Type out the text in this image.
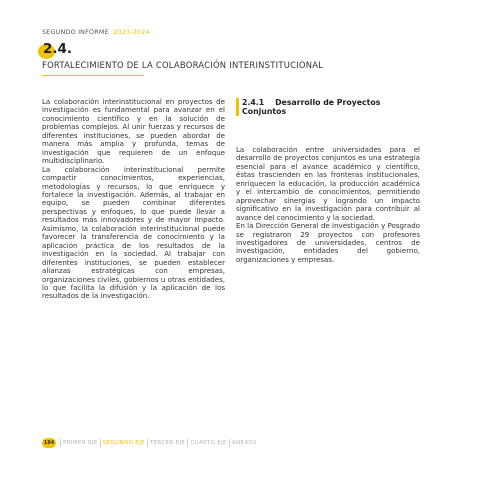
SEGUNDO INFORME 2023-2024
2.4.
FORTALECIMIENTO DE LA COLABORACIÓN INTERINSTITUCIONAL

La colaboración interinstitucional en proyectos de investigación es fundamental para avanzar en el conocimiento científico y en la solución de problemas complejos. Al unir fuerzas y recursos de diferentes instituciones, se pueden abordar de manera más amplia y profunda, temas de investigación que requieren de un enfoque multidisciplinario.

La colaboración interinstitucional permite compartir conocimientos, experiencias, metodologías y recursos, lo que enriquece y fortalece la investigación. Además, al trabajar en equipo, se pueden combinar diferentes perspectivas y enfoques, lo que puede llevar a resultados más innovadores y de mayor impacto. Asimismo, la colaboración interinstitucional puede favorecer la transferencia de conocimiento y la aplicación práctica de los resultados de la investigación en la sociedad. Al trabajar con diferentes instituciones, se pueden establecer alianzas estratégicas con empresas, organizaciones civiles, gobiernos u otras entidades, lo que facilita la difusión y la aplicación de los resultados de la investigación.

2.4.1 Desarrollo de Proyectos
Conjuntos

La colaboración entre universidades para el desarrollo de proyectos conjuntos es una estrategia esencial para el avance académico y científico, éstas trascienden en las fronteras institucionales, enriquecen la educación, la producción académica y el intercambio de conocimientos, permitiendo aprovechar sinergias y logrando un impacto significativo en la investigación para contribuir al avance del conocimiento y la sociedad.

En la Dirección General de Investigación y Posgrado se registraron 29 proyectos con profesores investigadores de universidades, centros de investigación, entidades del gobierno, organizaciones y empresas.

184	PRIMER EJE SEGUNDO EJE TERCER EJE CUARTO EJE ANEXOS
